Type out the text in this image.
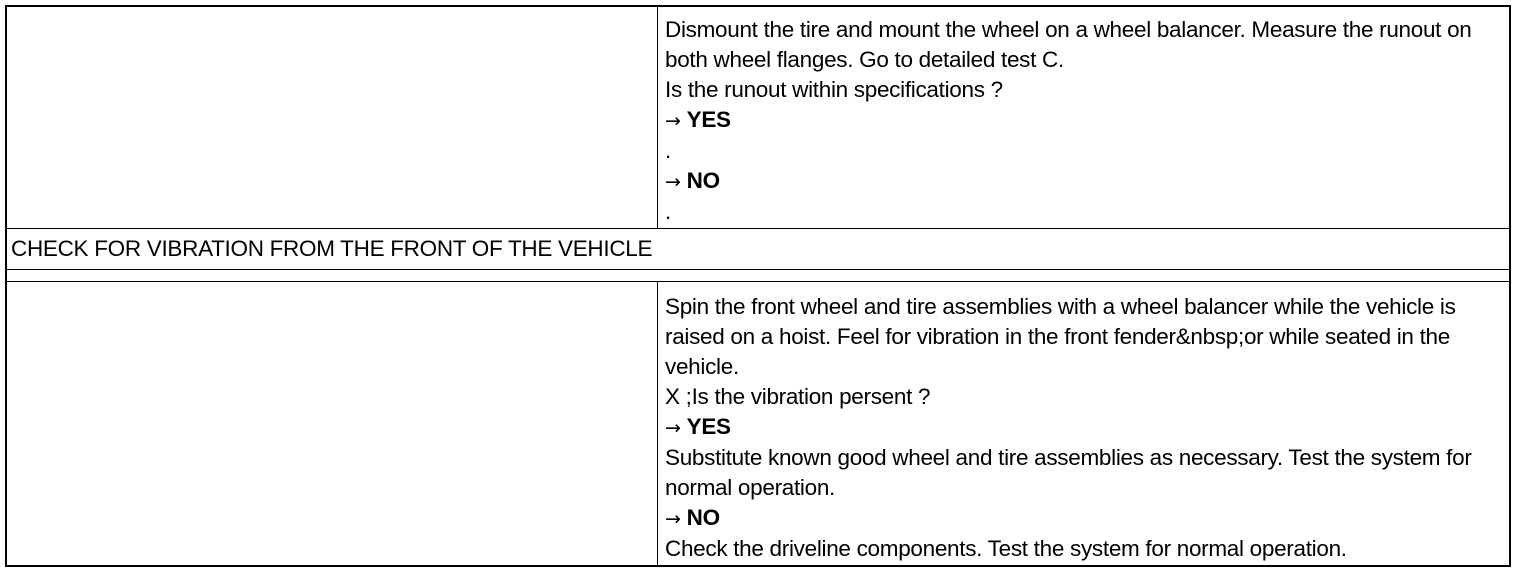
Dismount the tire and mount the wheel on a wheel balancer. Measure the runout on both wheel flanges. Go to detailed test C.
Is the runout within specifications ?
→ YES
.
→ NO
.
CHECK FOR VIBRATION FROM THE FRONT OF THE VEHICLE
Spin the front wheel and tire assemblies with a wheel balancer while the vehicle is raised on a hoist. Feel for vibration in the front fender&nbsp;or while seated in the vehicle.
X ;Is the vibration persent ?
→ YES
Substitute known good wheel and tire assemblies as necessary. Test the system for normal operation.
→ NO
Check the driveline components. Test the system for normal operation.
